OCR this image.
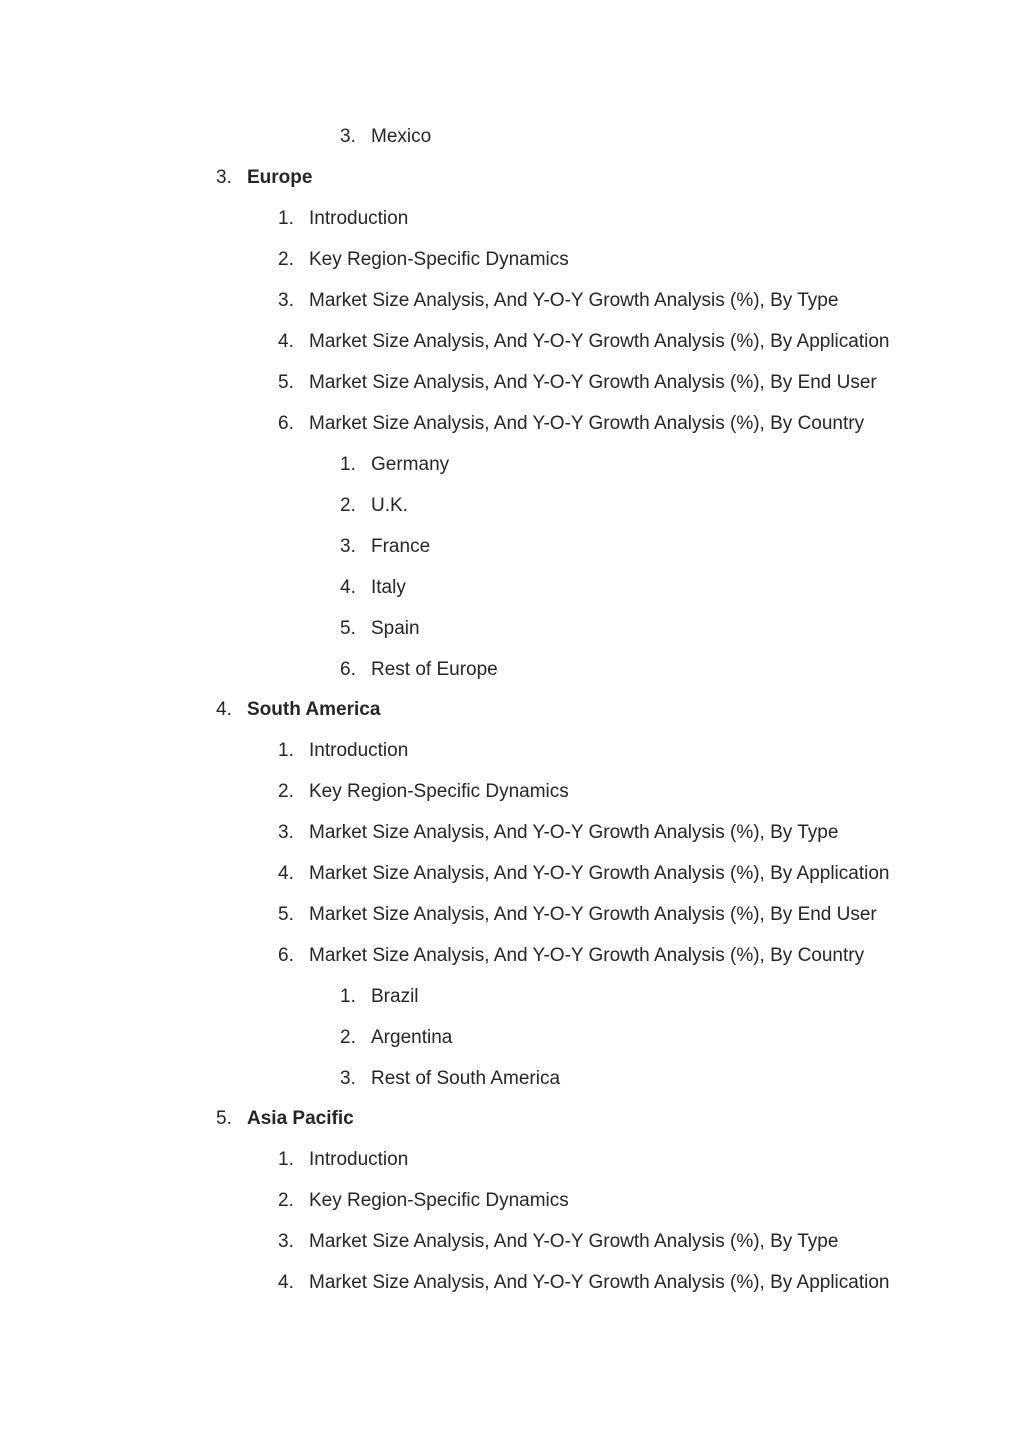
3. Mexico
3. Europe
1. Introduction
2. Key Region-Specific Dynamics
3. Market Size Analysis, And Y-O-Y Growth Analysis (%), By Type
4. Market Size Analysis, And Y-O-Y Growth Analysis (%), By Application
5. Market Size Analysis, And Y-O-Y Growth Analysis (%), By End User
6. Market Size Analysis, And Y-O-Y Growth Analysis (%), By Country
1. Germany
2. U.K.
3. France
4. Italy
5. Spain
6. Rest of Europe
4. South America
1. Introduction
2. Key Region-Specific Dynamics
3. Market Size Analysis, And Y-O-Y Growth Analysis (%), By Type
4. Market Size Analysis, And Y-O-Y Growth Analysis (%), By Application
5. Market Size Analysis, And Y-O-Y Growth Analysis (%), By End User
6. Market Size Analysis, And Y-O-Y Growth Analysis (%), By Country
1. Brazil
2. Argentina
3. Rest of South America
5. Asia Pacific
1. Introduction
2. Key Region-Specific Dynamics
3. Market Size Analysis, And Y-O-Y Growth Analysis (%), By Type
4. Market Size Analysis, And Y-O-Y Growth Analysis (%), By Application
